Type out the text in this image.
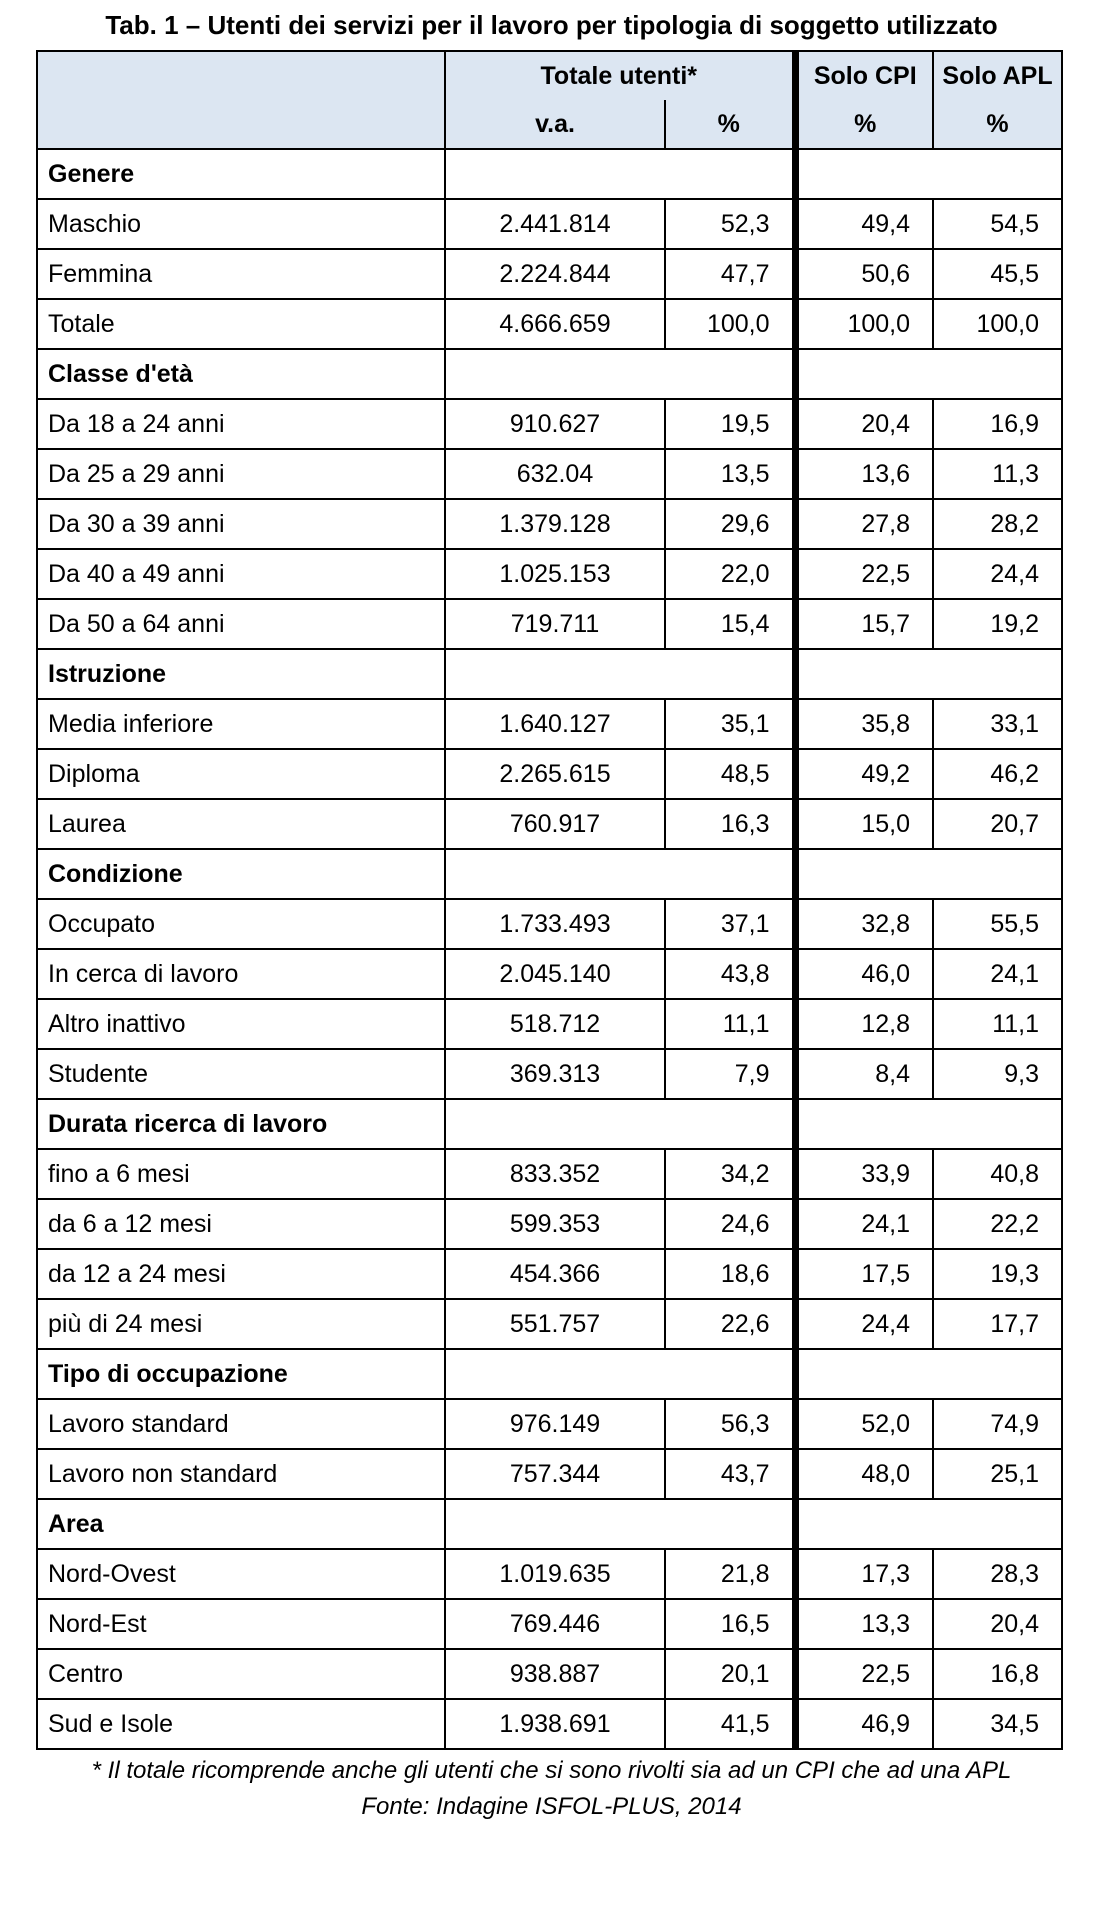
Tab. 1 – Utenti dei servizi per il lavoro per tipologia di soggetto utilizzato
	Totale utenti*		Solo CPI	Solo APL
	v.a.	%	%	%
Genere				
Maschio	2.441.814	52,3	49,4	54,5
Femmina	2.224.844	47,7	50,6	45,5
Totale	4.666.659	100,0	100,0	100,0
Classe d'età				
Da 18 a 24 anni	910.627	19,5	20,4	16,9
Da 25 a 29 anni	632.04	13,5	13,6	11,3
Da 30 a 39 anni	1.379.128	29,6	27,8	28,2
Da 40 a 49 anni	1.025.153	22,0	22,5	24,4
Da 50 a 64 anni	719.711	15,4	15,7	19,2
Istruzione				
Media inferiore	1.640.127	35,1	35,8	33,1
Diploma	2.265.615	48,5	49,2	46,2
Laurea	760.917	16,3	15,0	20,7
Condizione				
Occupato	1.733.493	37,1	32,8	55,5
In cerca di lavoro	2.045.140	43,8	46,0	24,1
Altro inattivo	518.712	11,1	12,8	11,1
Studente	369.313	7,9	8,4	9,3
Durata ricerca di lavoro				
fino a 6 mesi	833.352	34,2	33,9	40,8
da 6 a 12 mesi	599.353	24,6	24,1	22,2
da 12 a 24 mesi	454.366	18,6	17,5	19,3
più di 24 mesi	551.757	22,6	24,4	17,7
Tipo di occupazione				
Lavoro standard	976.149	56,3	52,0	74,9
Lavoro non standard	757.344	43,7	48,0	25,1
Area				
Nord-Ovest	1.019.635	21,8	17,3	28,3
Nord-Est	769.446	16,5	13,3	20,4
Centro	938.887	20,1	22,5	16,8
Sud e Isole	1.938.691	41,5	46,9	34,5
* Il totale ricomprende anche gli utenti che si sono rivolti sia ad un CPI che ad una APL
Fonte: Indagine ISFOL-PLUS, 2014
